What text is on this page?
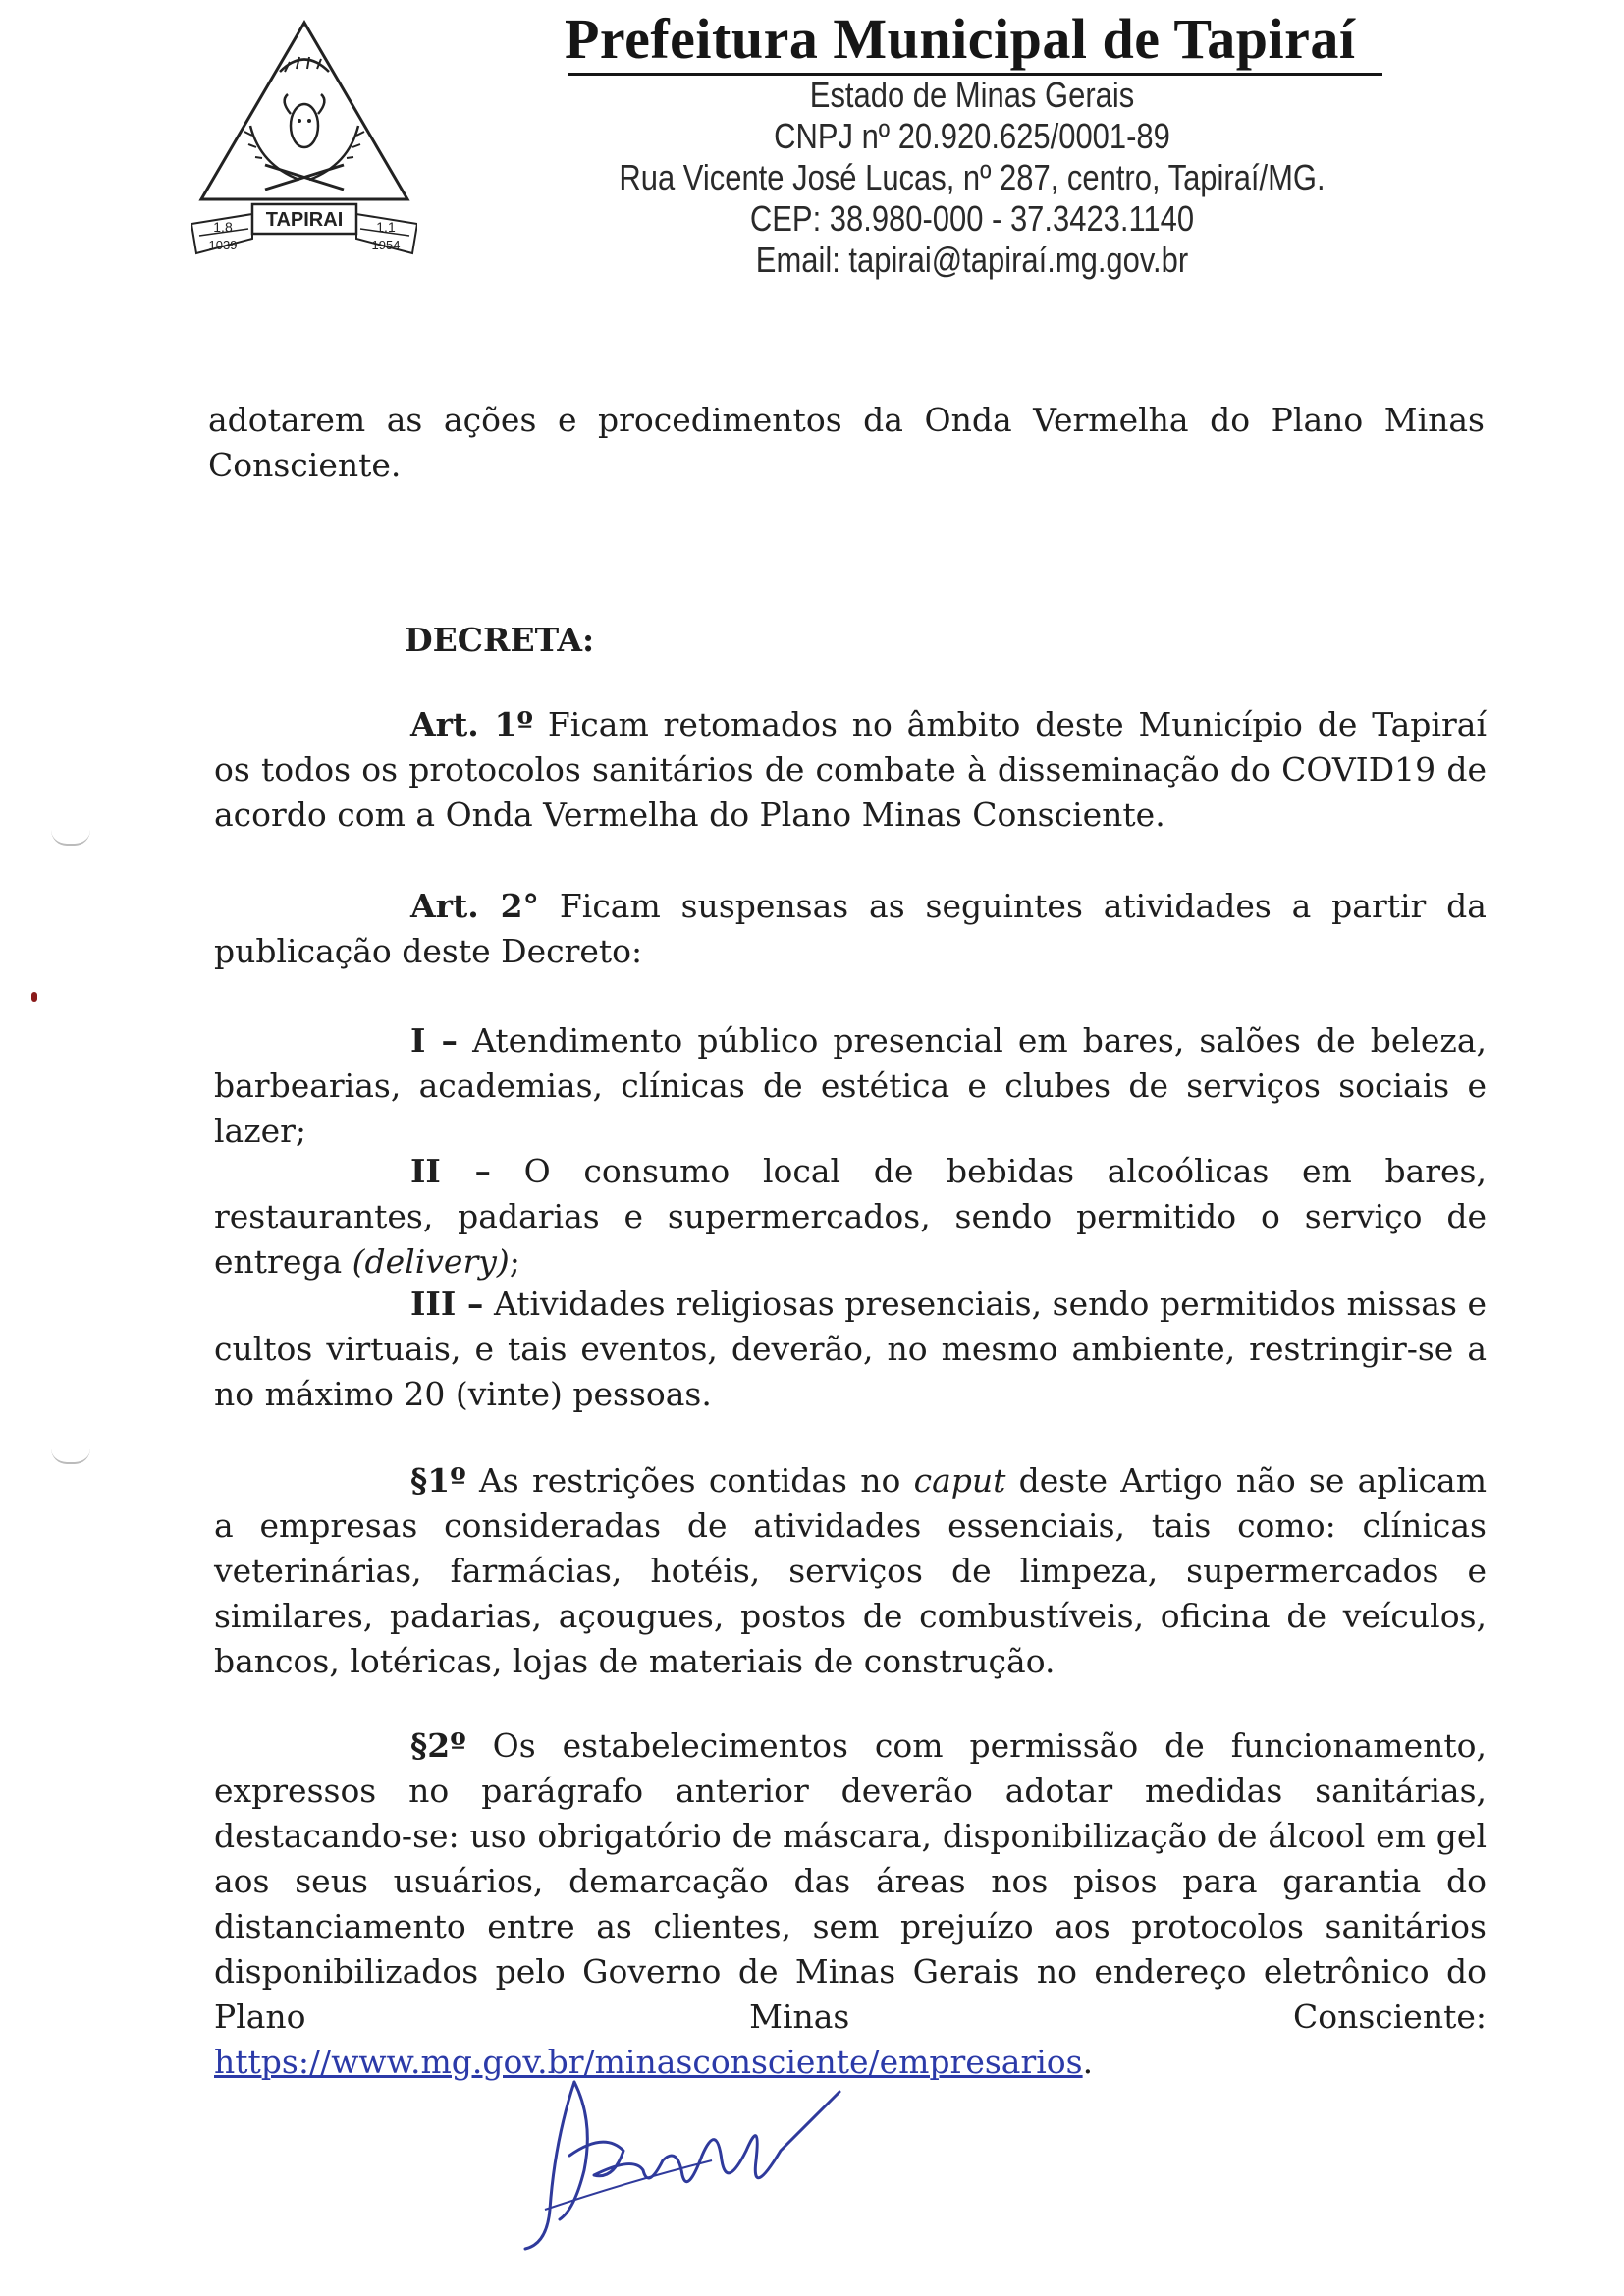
TAPIRAI
1.8
1039
1.1
1954
Prefeitura Municipal de Tapiraí
Estado de Minas Gerais
CNPJ nº 20.920.625/0001-89
Rua Vicente José Lucas, nº 287, centro, Tapiraí/MG.
CEP: 38.980-000 - 37.3423.1140
Email: tapirai@tapiraí.mg.gov.br
adotarem as ações e procedimentos da Onda Vermelha do Plano Minas Consciente.
DECRETA:
Art. 1º Ficam retomados no âmbito deste Município de Tapiraí os todos os protocolos sanitários de combate à disseminação do COVID19 de acordo com a Onda Vermelha do Plano Minas Consciente.
Art. 2° Ficam suspensas as seguintes atividades a partir da publicação deste Decreto:
I – Atendimento público presencial em bares, salões de beleza, barbearias, academias, clínicas de estética e clubes de serviços sociais e lazer;
II – O consumo local de bebidas alcoólicas em bares, restaurantes, padarias e supermercados, sendo permitido o serviço de entrega (delivery);
III – Atividades religiosas presenciais, sendo permitidos missas e cultos virtuais, e tais eventos, deverão, no mesmo ambiente, restringir-se a no máximo 20 (vinte) pessoas.
§1º As restrições contidas no caput deste Artigo não se aplicam a empresas consideradas de atividades essenciais, tais como: clínicas veterinárias, farmácias, hotéis, serviços de limpeza, supermercados e similares, padarias, açougues, postos de combustíveis, oficina de veículos, bancos, lotéricas, lojas de materiais de construção.
§2º Os estabelecimentos com permissão de funcionamento, expressos no parágrafo anterior deverão adotar medidas sanitárias, destacando-se: uso obrigatório de máscara, disponibilização de álcool em gel aos seus usuários, demarcação das áreas nos pisos para garantia do distanciamento entre as clientes, sem prejuízo aos protocolos sanitários disponibilizados pelo Governo de Minas Gerais no endereço eletrônico do Plano Minas Consciente: https://www.mg.gov.br/minasconsciente/empresarios.
